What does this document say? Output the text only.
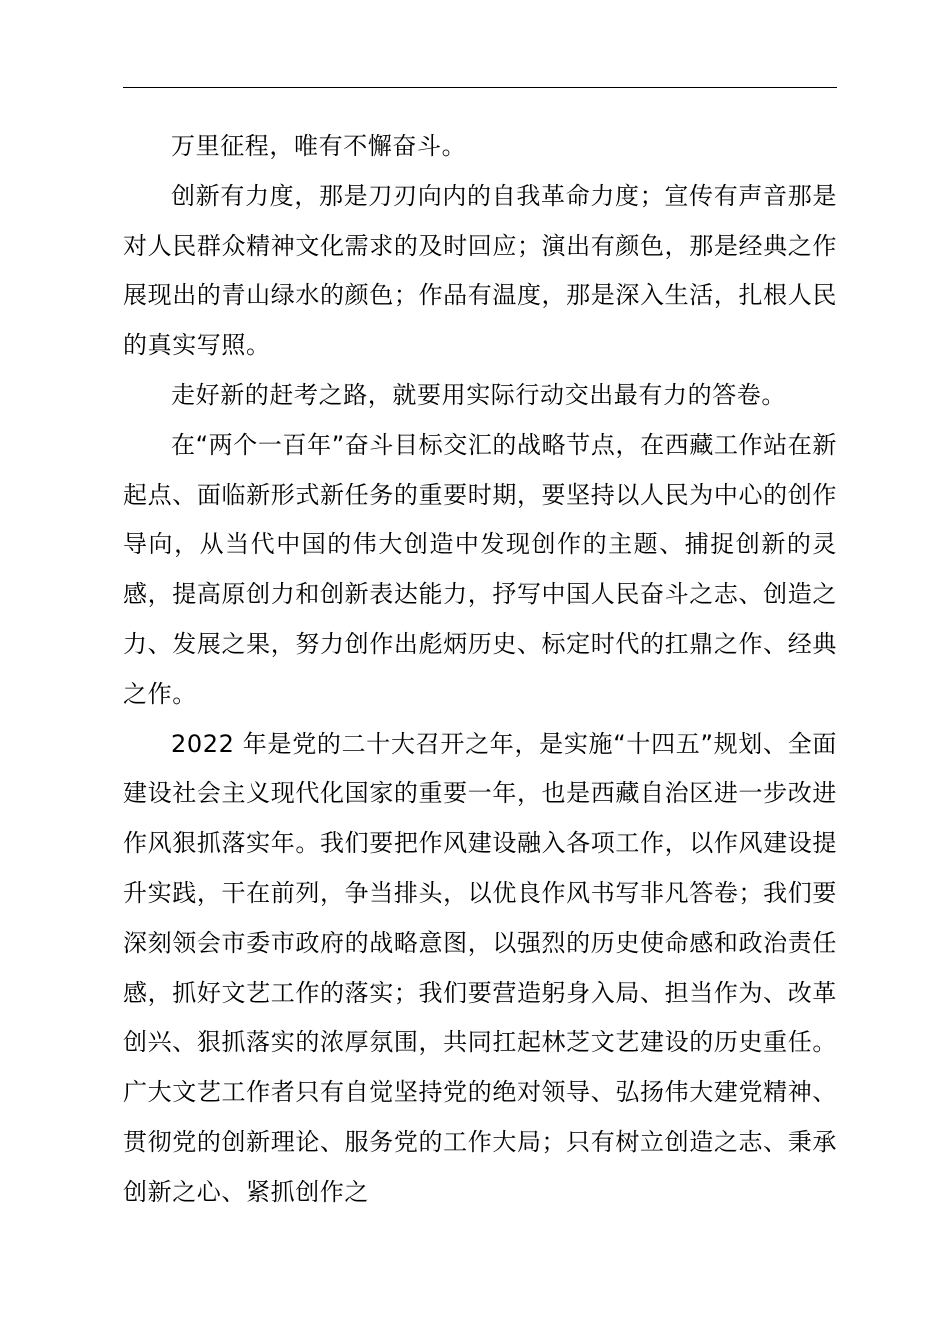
万里征程，唯有不懈奋斗。

创新有力度，那是刀刃向内的自我革命力度；宣传有声音那是对人民群众精神文化需求的及时回应；演出有颜色，那是经典之作展现出的青山绿水的颜色；作品有温度，那是深入生活，扎根人民的真实写照。

走好新的赶考之路，就要用实际行动交出最有力的答卷。

在“两个一百年”奋斗目标交汇的战略节点，在西藏工作站在新起点、面临新形式新任务的重要时期，要坚持以人民为中心的创作导向，从当代中国的伟大创造中发现创作的主题、捕捉创新的灵感，提高原创力和创新表达能力，抒写中国人民奋斗之志、创造之力、发展之果，努力创作出彪炳历史、标定时代的扛鼎之作、经典之作。

2022 年是党的二十大召开之年，是实施“十四五”规划、全面建设社会主义现代化国家的重要一年，也是西藏自治区进一步改进作风狠抓落实年。我们要把作风建设融入各项工作，以作风建设提升实践，干在前列，争当排头，以优良作风书写非凡答卷；我们要深刻领会市委市政府的战略意图，以强烈的历史使命感和政治责任感，抓好文艺工作的落实；我们要营造躬身入局、担当作为、改革创兴、狠抓落实的浓厚氛围，共同扛起林芝文艺建设的历史重任。广大文艺工作者只有自觉坚持党的绝对领导、弘扬伟大建党精神、贯彻党的创新理论、服务党的工作大局；只有树立创造之志、秉承创新之心、紧抓创作之
